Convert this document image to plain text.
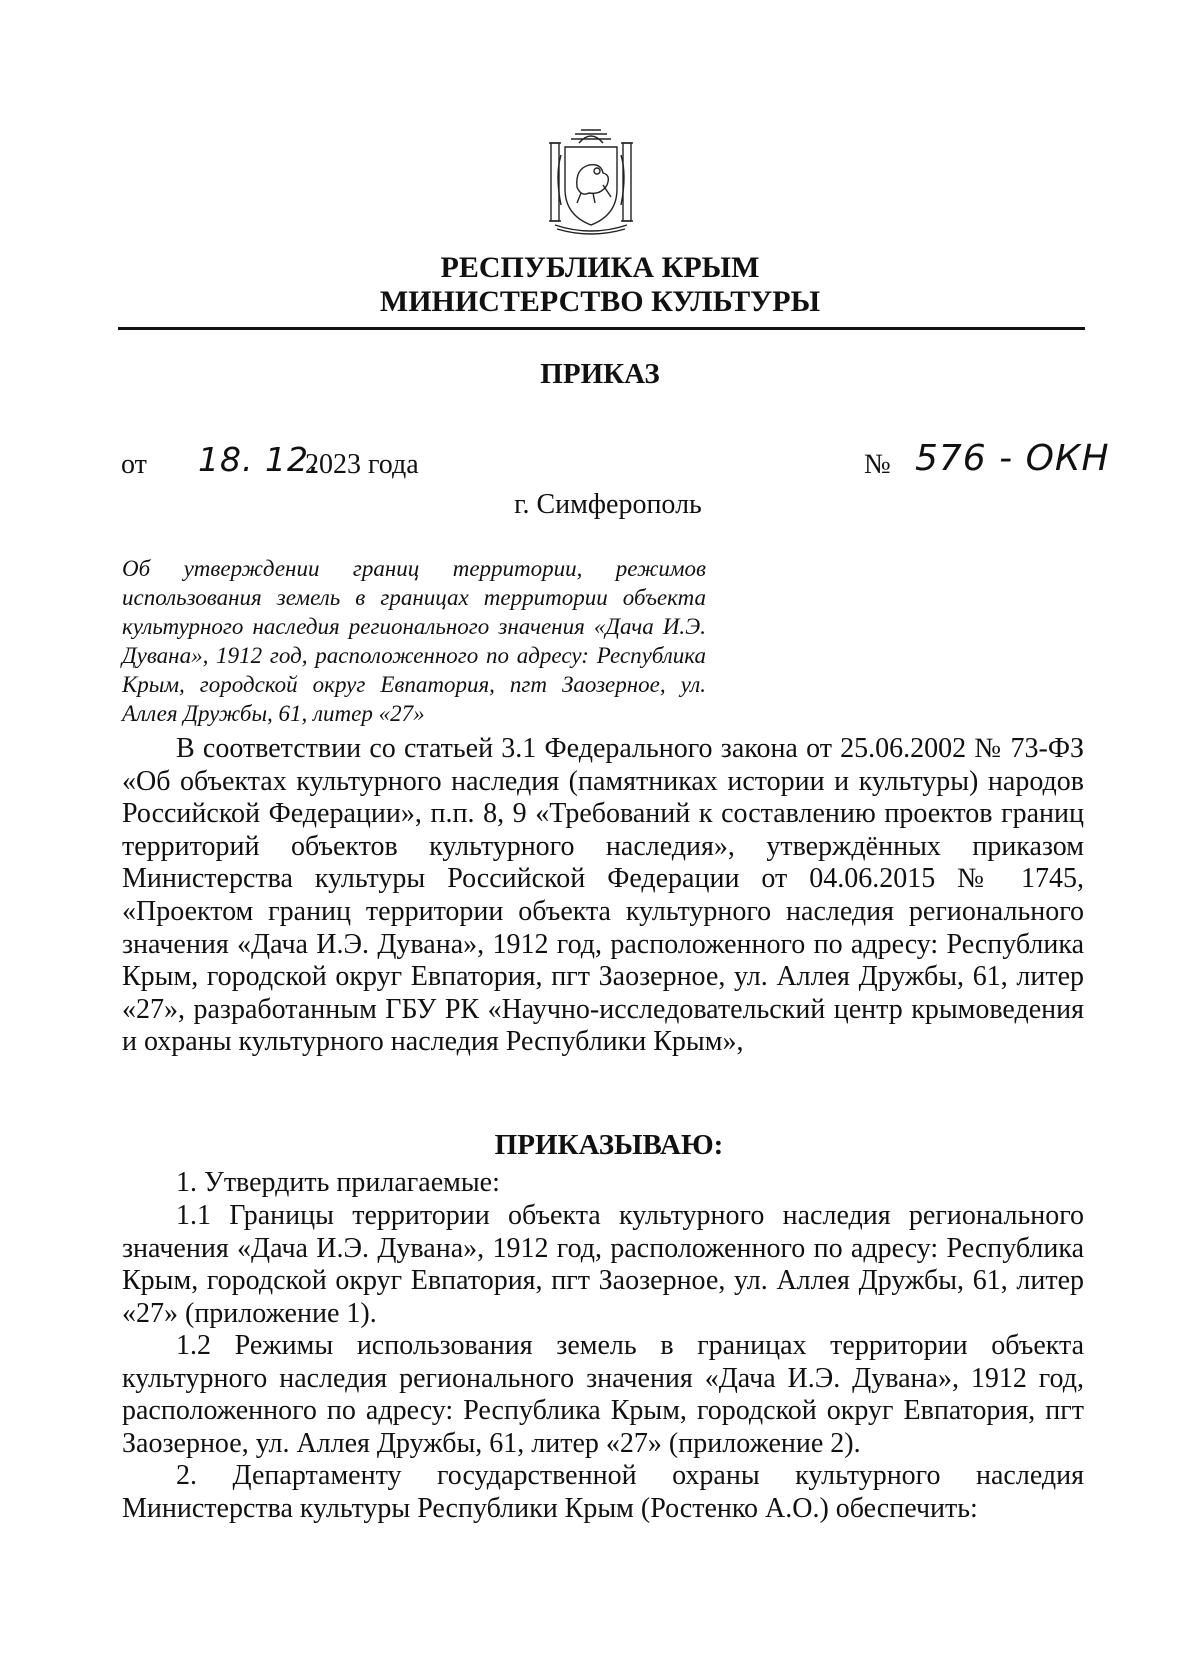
РЕСПУБЛИКА КРЫМ
МИНИСТЕРСТВО КУЛЬТУРЫ
ПРИКАЗ
от 18. 12.
2023 года	№ 576 - ОКН
г. Симферополь
Об утверждении границ территории, режимов использования земель в границах территории объекта культурного наследия регионального значения «Дача И.Э. Дувана», 1912 год, расположенного по адресу: Республика Крым, городской округ Евпатория, пгт Заозерное, ул. Аллея Дружбы, 61, литер «27»
В соответствии со статьей 3.1 Федерального закона от 25.06.2002 № 73-ФЗ «Об объектах культурного наследия (памятниках истории и культуры) народов Российской Федерации», п.п. 8, 9 «Требований к составлению проектов границ территорий объектов культурного наследия», утверждённых приказом Министерства культуры Российской Федерации от 04.06.2015 № 1745, «Проектом границ территории объекта культурного наследия регионального значения «Дача И.Э. Дувана», 1912 год, расположенного по адресу: Республика Крым, городской округ Евпатория, пгт Заозерное, ул. Аллея Дружбы, 61, литер «27», разработанным ГБУ РК «Научно-исследовательский центр крымоведения и охраны культурного наследия Республики Крым»,
ПРИКАЗЫВАЮ:
1. Утвердить прилагаемые:
1.1 Границы территории объекта культурного наследия регионального значения «Дача И.Э. Дувана», 1912 год, расположенного по адресу: Республика Крым, городской округ Евпатория, пгт Заозерное, ул. Аллея Дружбы, 61, литер «27» (приложение 1).
1.2 Режимы использования земель в границах территории объекта культурного наследия регионального значения «Дача И.Э. Дувана», 1912 год, расположенного по адресу: Республика Крым, городской округ Евпатория, пгт Заозерное, ул. Аллея Дружбы, 61, литер «27» (приложение 2).
2. Департаменту государственной охраны культурного наследия Министерства культуры Республики Крым (Ростенко А.О.) обеспечить:
